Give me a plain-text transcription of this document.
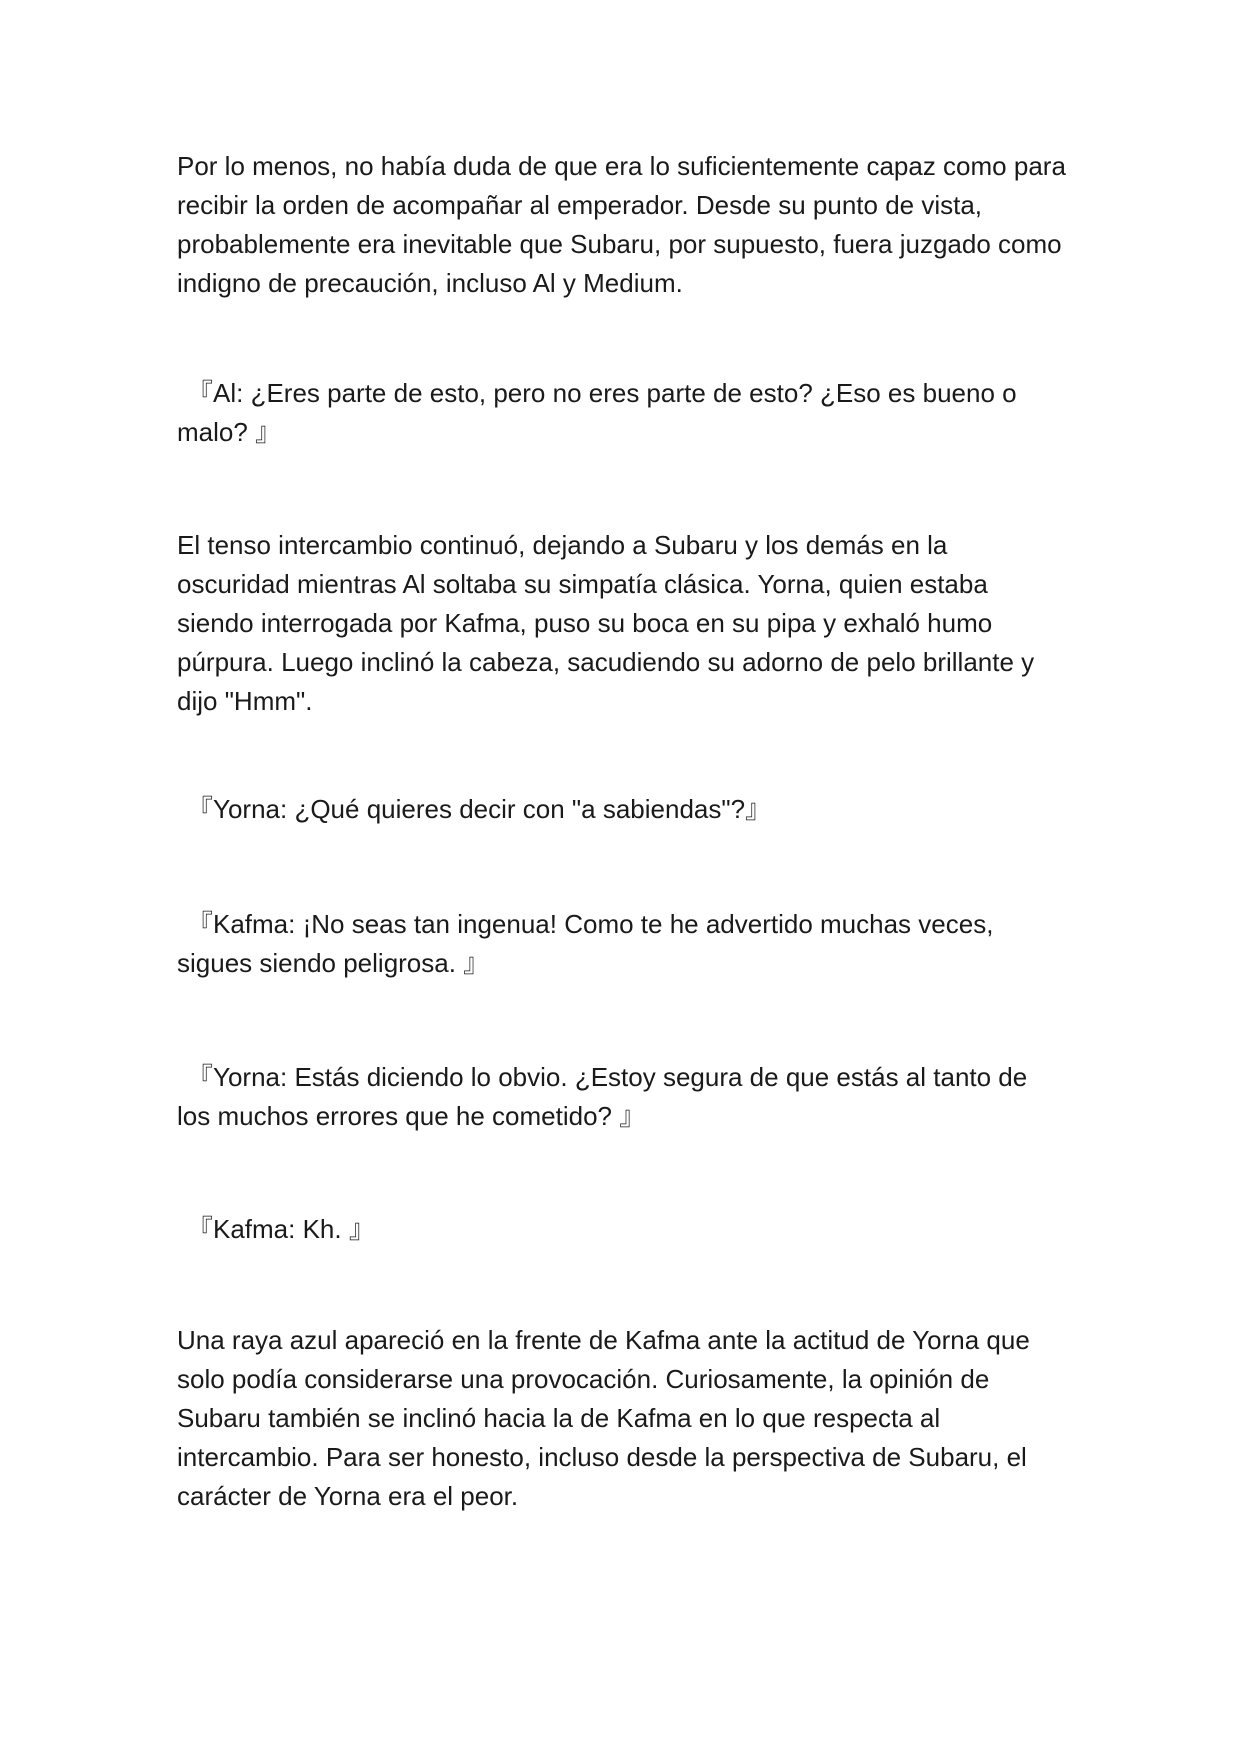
Por lo menos, no había duda de que era lo suficientemente capaz como para recibir la orden de acompañar al emperador. Desde su punto de vista, probablemente era inevitable que Subaru, por supuesto, fuera juzgado como indigno de precaución, incluso Al y Medium.

『Al: ¿Eres parte de esto, pero no eres parte de esto? ¿Eso es bueno o malo? 』

El tenso intercambio continuó, dejando a Subaru y los demás en la oscuridad mientras Al soltaba su simpatía clásica. Yorna, quien estaba siendo interrogada por Kafma, puso su boca en su pipa y exhaló humo púrpura. Luego inclinó la cabeza, sacudiendo su adorno de pelo brillante y dijo "Hmm".

『Yorna: ¿Qué quieres decir con "a sabiendas"?』

『Kafma: ¡No seas tan ingenua! Como te he advertido muchas veces, sigues siendo peligrosa. 』

『Yorna: Estás diciendo lo obvio. ¿Estoy segura de que estás al tanto de los muchos errores que he cometido? 』

『Kafma: Kh. 』

Una raya azul apareció en la frente de Kafma ante la actitud de Yorna que solo podía considerarse una provocación. Curiosamente, la opinión de Subaru también se inclinó hacia la de Kafma en lo que respecta al intercambio. Para ser honesto, incluso desde la perspectiva de Subaru, el carácter de Yorna era el peor.
